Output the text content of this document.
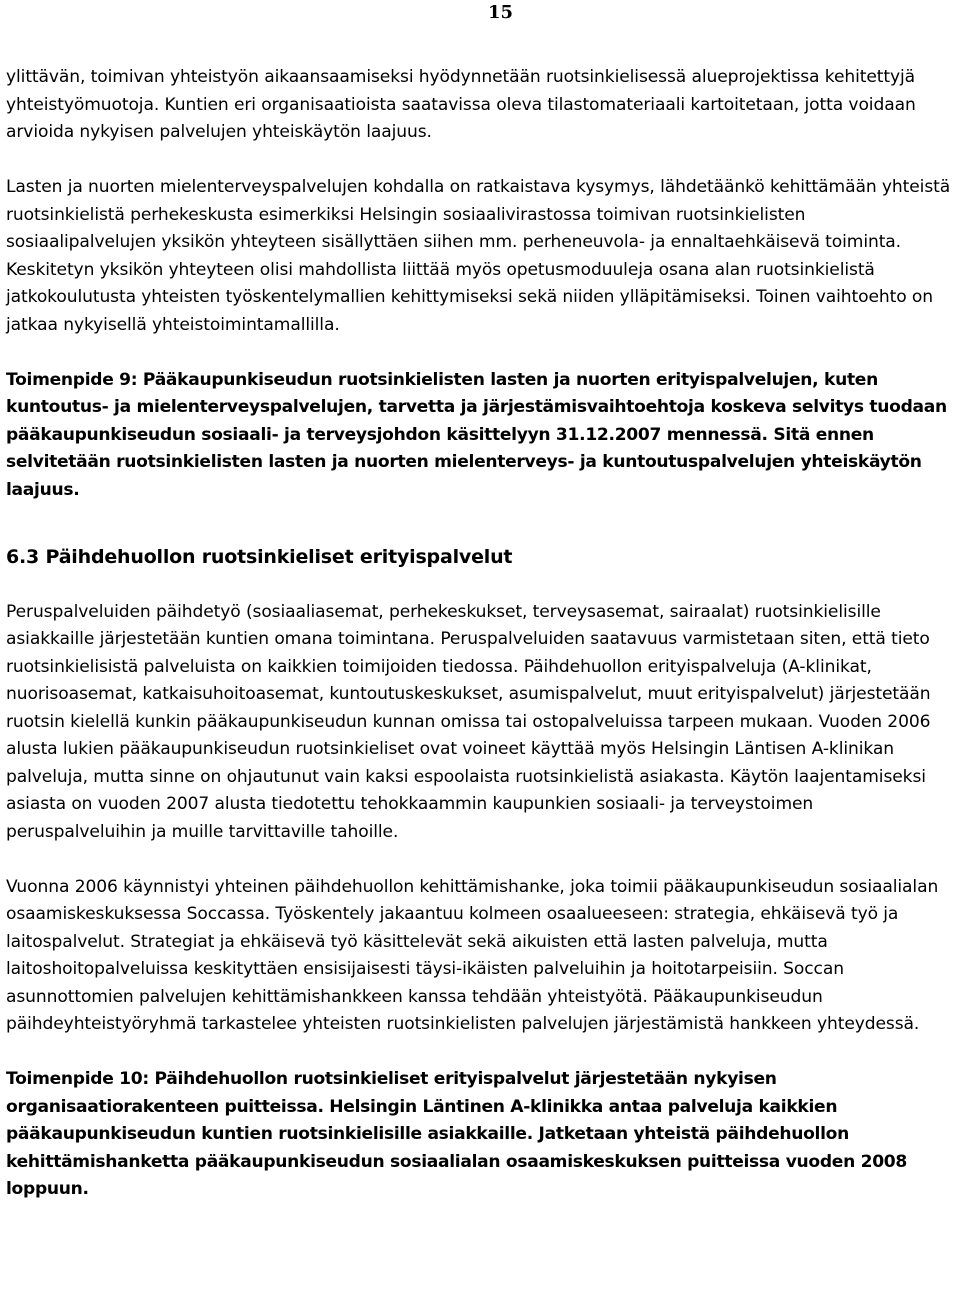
15

ylittävän, toimivan yhteistyön aikaansaamiseksi hyödynnetään ruotsinkielisessä alueprojektissa kehitettyjä yhteistyömuotoja. Kuntien eri organisaatioista saatavissa oleva tilastomateriaali kartoitetaan, jotta voidaan arvioida nykyisen palvelujen yhteiskäytön laajuus.

Lasten ja nuorten mielenterveyspalvelujen kohdalla on ratkaistava kysymys, lähdetäänkö kehittämään yhteistä ruotsinkielistä perhekeskusta esimerkiksi Helsingin sosiaalivirastossa toimivan ruotsinkielisten sosiaalipalvelujen yksikön yhteyteen sisällyttäen siihen mm. perheneuvola- ja ennaltaehkäisevä toiminta. Keskitetyn yksikön yhteyteen olisi mahdollista liittää myös opetusmoduuleja osana alan ruotsinkielistä jatkokoulutusta yhteisten työskentelymallien kehittymiseksi sekä niiden ylläpitämiseksi. Toinen vaihtoehto on jatkaa nykyisellä yhteistoimintamallilla.

Toimenpide 9: Pääkaupunkiseudun ruotsinkielisten lasten ja nuorten erityispalvelujen, kuten kuntoutus- ja mielenterveyspalvelujen, tarvetta ja järjestämisvaihtoehtoja koskeva selvitys tuodaan pääkaupunkiseudun sosiaali- ja terveysjohdon käsittelyyn 31.12.2007 mennessä. Sitä ennen selvitetään ruotsinkielisten lasten ja nuorten mielenterveys- ja kuntoutuspalvelujen yhteiskäytön laajuus.

6.3 Päihdehuollon ruotsinkieliset erityispalvelut

Peruspalveluiden päihdetyö (sosiaaliasemat, perhekeskukset, terveysasemat, sairaalat) ruotsinkielisille asiakkaille järjestetään kuntien omana toimintana. Peruspalveluiden saatavuus varmistetaan siten, että tieto ruotsinkielisistä palveluista on kaikkien toimijoiden tiedossa. Päihdehuollon erityispalveluja (A-klinikat, nuorisoasemat, katkaisuhoitoasemat, kuntoutuskeskukset, asumispalvelut, muut erityispalvelut) järjestetään ruotsin kielellä kunkin pääkaupunkiseudun kunnan omissa tai ostopalveluissa tarpeen mukaan. Vuoden 2006 alusta lukien pääkaupunkiseudun ruotsinkieliset ovat voineet käyttää myös Helsingin Läntisen A-klinikan palveluja, mutta sinne on ohjautunut vain kaksi espoolaista ruotsinkielistä asiakasta. Käytön laajentamiseksi asiasta on vuoden 2007 alusta tiedotettu tehokkaammin kaupunkien sosiaali- ja terveystoimen peruspalveluihin ja muille tarvittaville tahoille.

Vuonna 2006 käynnistyi yhteinen päihdehuollon kehittämishanke, joka toimii pääkaupunkiseudun sosiaalialan osaamiskeskuksessa Soccassa. Työskentely jakaantuu kolmeen osaalueeseen: strategia, ehkäisevä työ ja laitospalvelut. Strategiat ja ehkäisevä työ käsittelevät sekä aikuisten että lasten palveluja, mutta laitoshoitopalveluissa keskityttäen ensisijaisesti täysi-ikäisten palveluihin ja hoitotarpeisiin. Soccan asunnottomien palvelujen kehittämishankkeen kanssa tehdään yhteistyötä. Pääkaupunkiseudun päihdeyhteistyöryhmä tarkastelee yhteisten ruotsinkielisten palvelujen järjestämistä hankkeen yhteydessä.

Toimenpide 10: Päihdehuollon ruotsinkieliset erityispalvelut järjestetään nykyisen organisaatiorakenteen puitteissa. Helsingin Läntinen A-klinikka antaa palveluja kaikkien pääkaupunkiseudun kuntien ruotsinkielisille asiakkaille. Jatketaan yhteistä päihdehuollon kehittämishanketta pääkaupunkiseudun sosiaalialan osaamiskeskuksen puitteissa vuoden 2008 loppuun.
